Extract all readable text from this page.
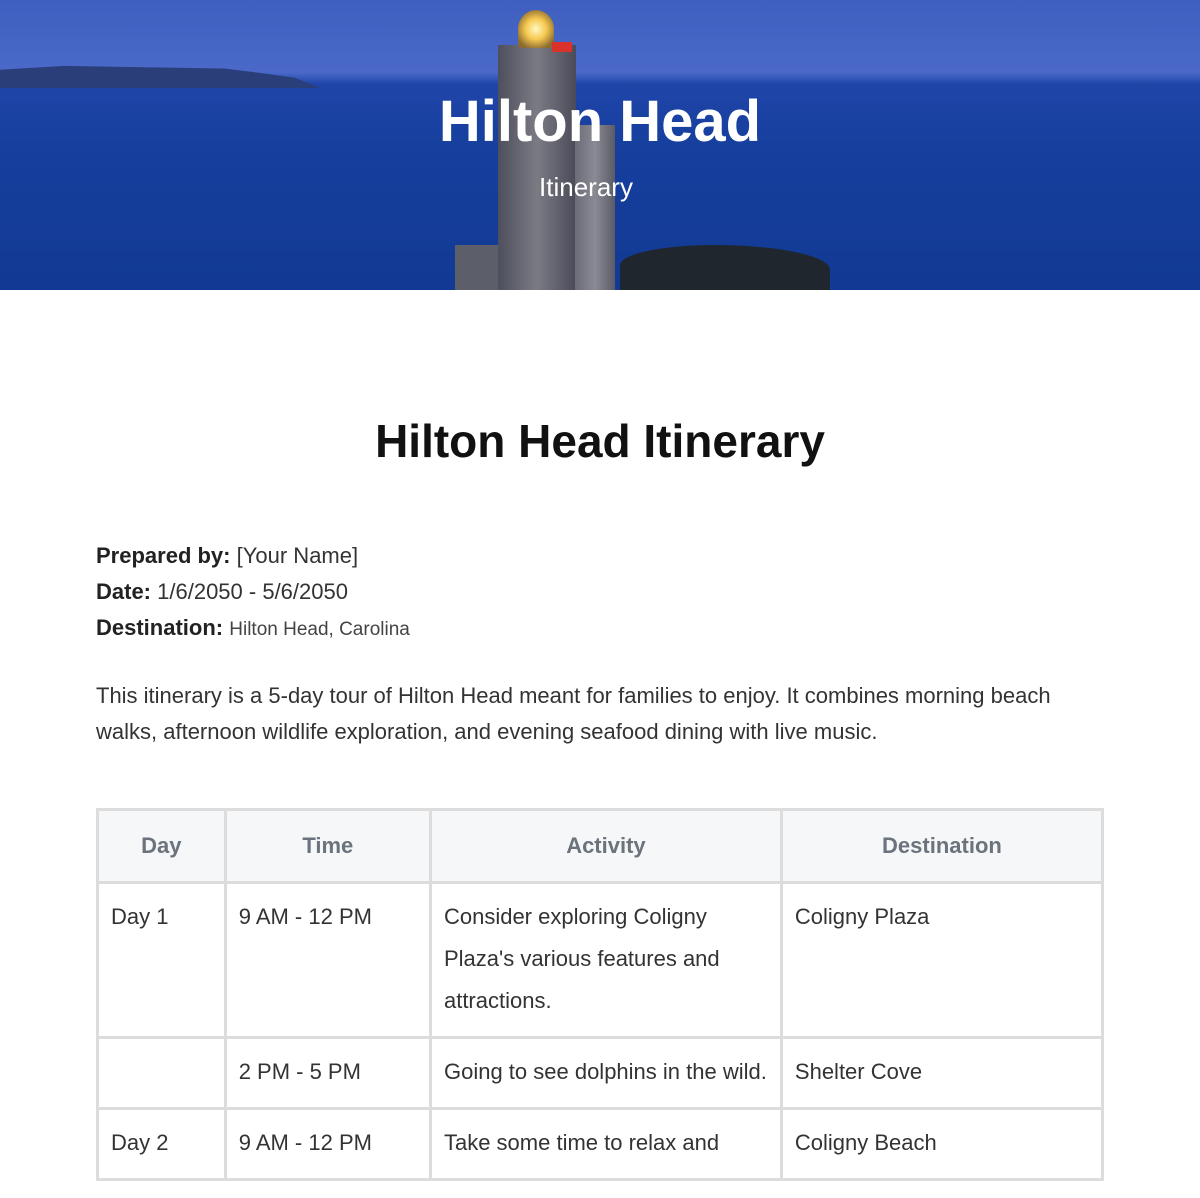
Hilton Head
Itinerary
Hilton Head Itinerary
Prepared by: [Your Name]
Date: 1/6/2050 - 5/6/2050
Destination: Hilton Head, Carolina
This itinerary is a 5-day tour of Hilton Head meant for families to enjoy. It combines morning beach walks, afternoon wildlife exploration, and evening seafood dining with live music.
Day	Time	Activity	Destination

Day 1	9 AM - 12 PM	Consider exploring Coligny Plaza's various features and attractions.	Coligny Plaza

	2 PM - 5 PM	Going to see dolphins in the wild.	Shelter Cove

Day 2	9 AM - 12 PM	Take some time to relax and	Coligny Beach
